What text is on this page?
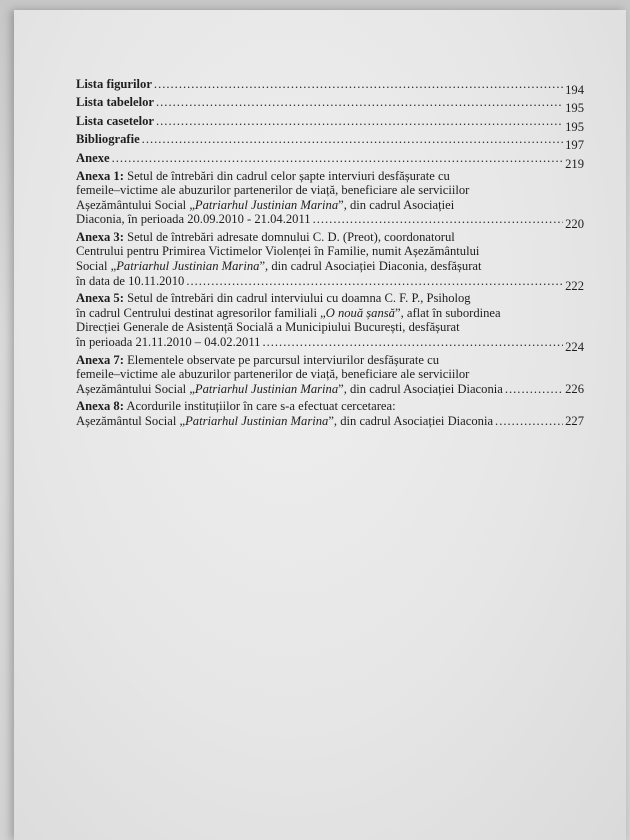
Lista figurilor .....	194
Lista tabelelor .....	195
Lista casetelor .....	195
Bibliografie .....	197
Anexe .....	219
Anexa 1: Setul de întrebări din cadrul celor șapte interviuri desfășurate cu
femeile–victime ale abuzurilor partenerilor de viață, beneficiare ale serviciilor
Așezământului Social „Patriarhul Justinian Marina”, din cadrul Asociației
Diaconia, în perioada 20.09.2010 - 21.04.2011 .....	220
Anexa 3: Setul de întrebări adresate domnului C. D. (Preot), coordonatorul
Centrului pentru Primirea Victimelor Violenței în Familie, numit Așezământului
Social „Patriarhul Justinian Marina”, din cadrul Asociației Diaconia, desfășurat
în data de 10.11.2010 .....	222
Anexa 5: Setul de întrebări din cadrul interviului cu doamna C. F. P., Psiholog
în cadrul Centrului destinat agresorilor familiali „O nouă șansă”, aflat în subordinea
Direcției Generale de Asistență Socială a Municipiului București, desfășurat
în perioada 21.11.2010 – 04.02.2011 .....	224
Anexa 7: Elementele observate pe parcursul interviurilor desfășurate cu
femeile–victime ale abuzurilor partenerilor de viață, beneficiare ale serviciilor
Așezământului Social „Patriarhul Justinian Marina”, din cadrul Asociației Diaconia .....	226
Anexa 8: Acordurile instituțiilor în care s-a efectuat cercetarea:
Așezământul Social „Patriarhul Justinian Marina”, din cadrul Asociației Diaconia .....	227
